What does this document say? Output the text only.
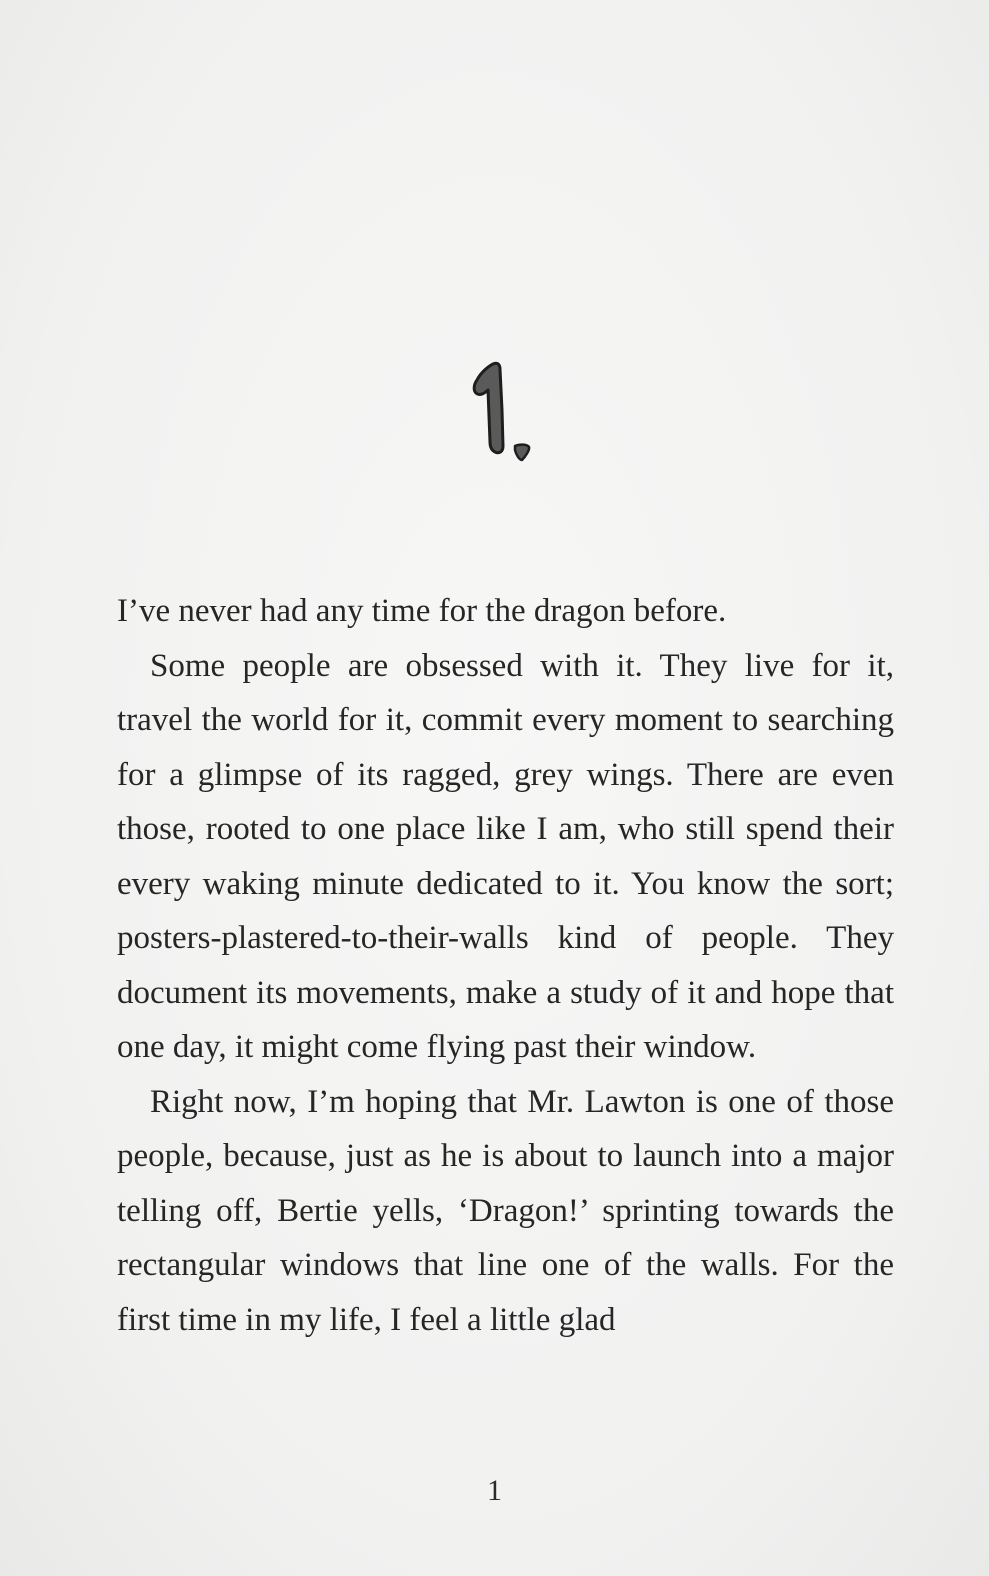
I’ve never had any time for the dragon before.

Some people are obsessed with it. They live for it, travel the world for it, commit every moment to searching for a glimpse of its ragged, grey wings. There are even those, rooted to one place like I am, who still spend their every waking minute dedicated to it. You know the sort; posters-plastered-to-their-walls kind of people. They document its movements, make a study of it and hope that one day, it might come flying past their window.

Right now, I’m hoping that Mr. Lawton is one of those people, because, just as he is about to launch into a major telling off, Bertie yells, ‘Dragon!’ sprinting towards the rectangular windows that line one of the walls. For the first time in my life, I feel a little glad

1
